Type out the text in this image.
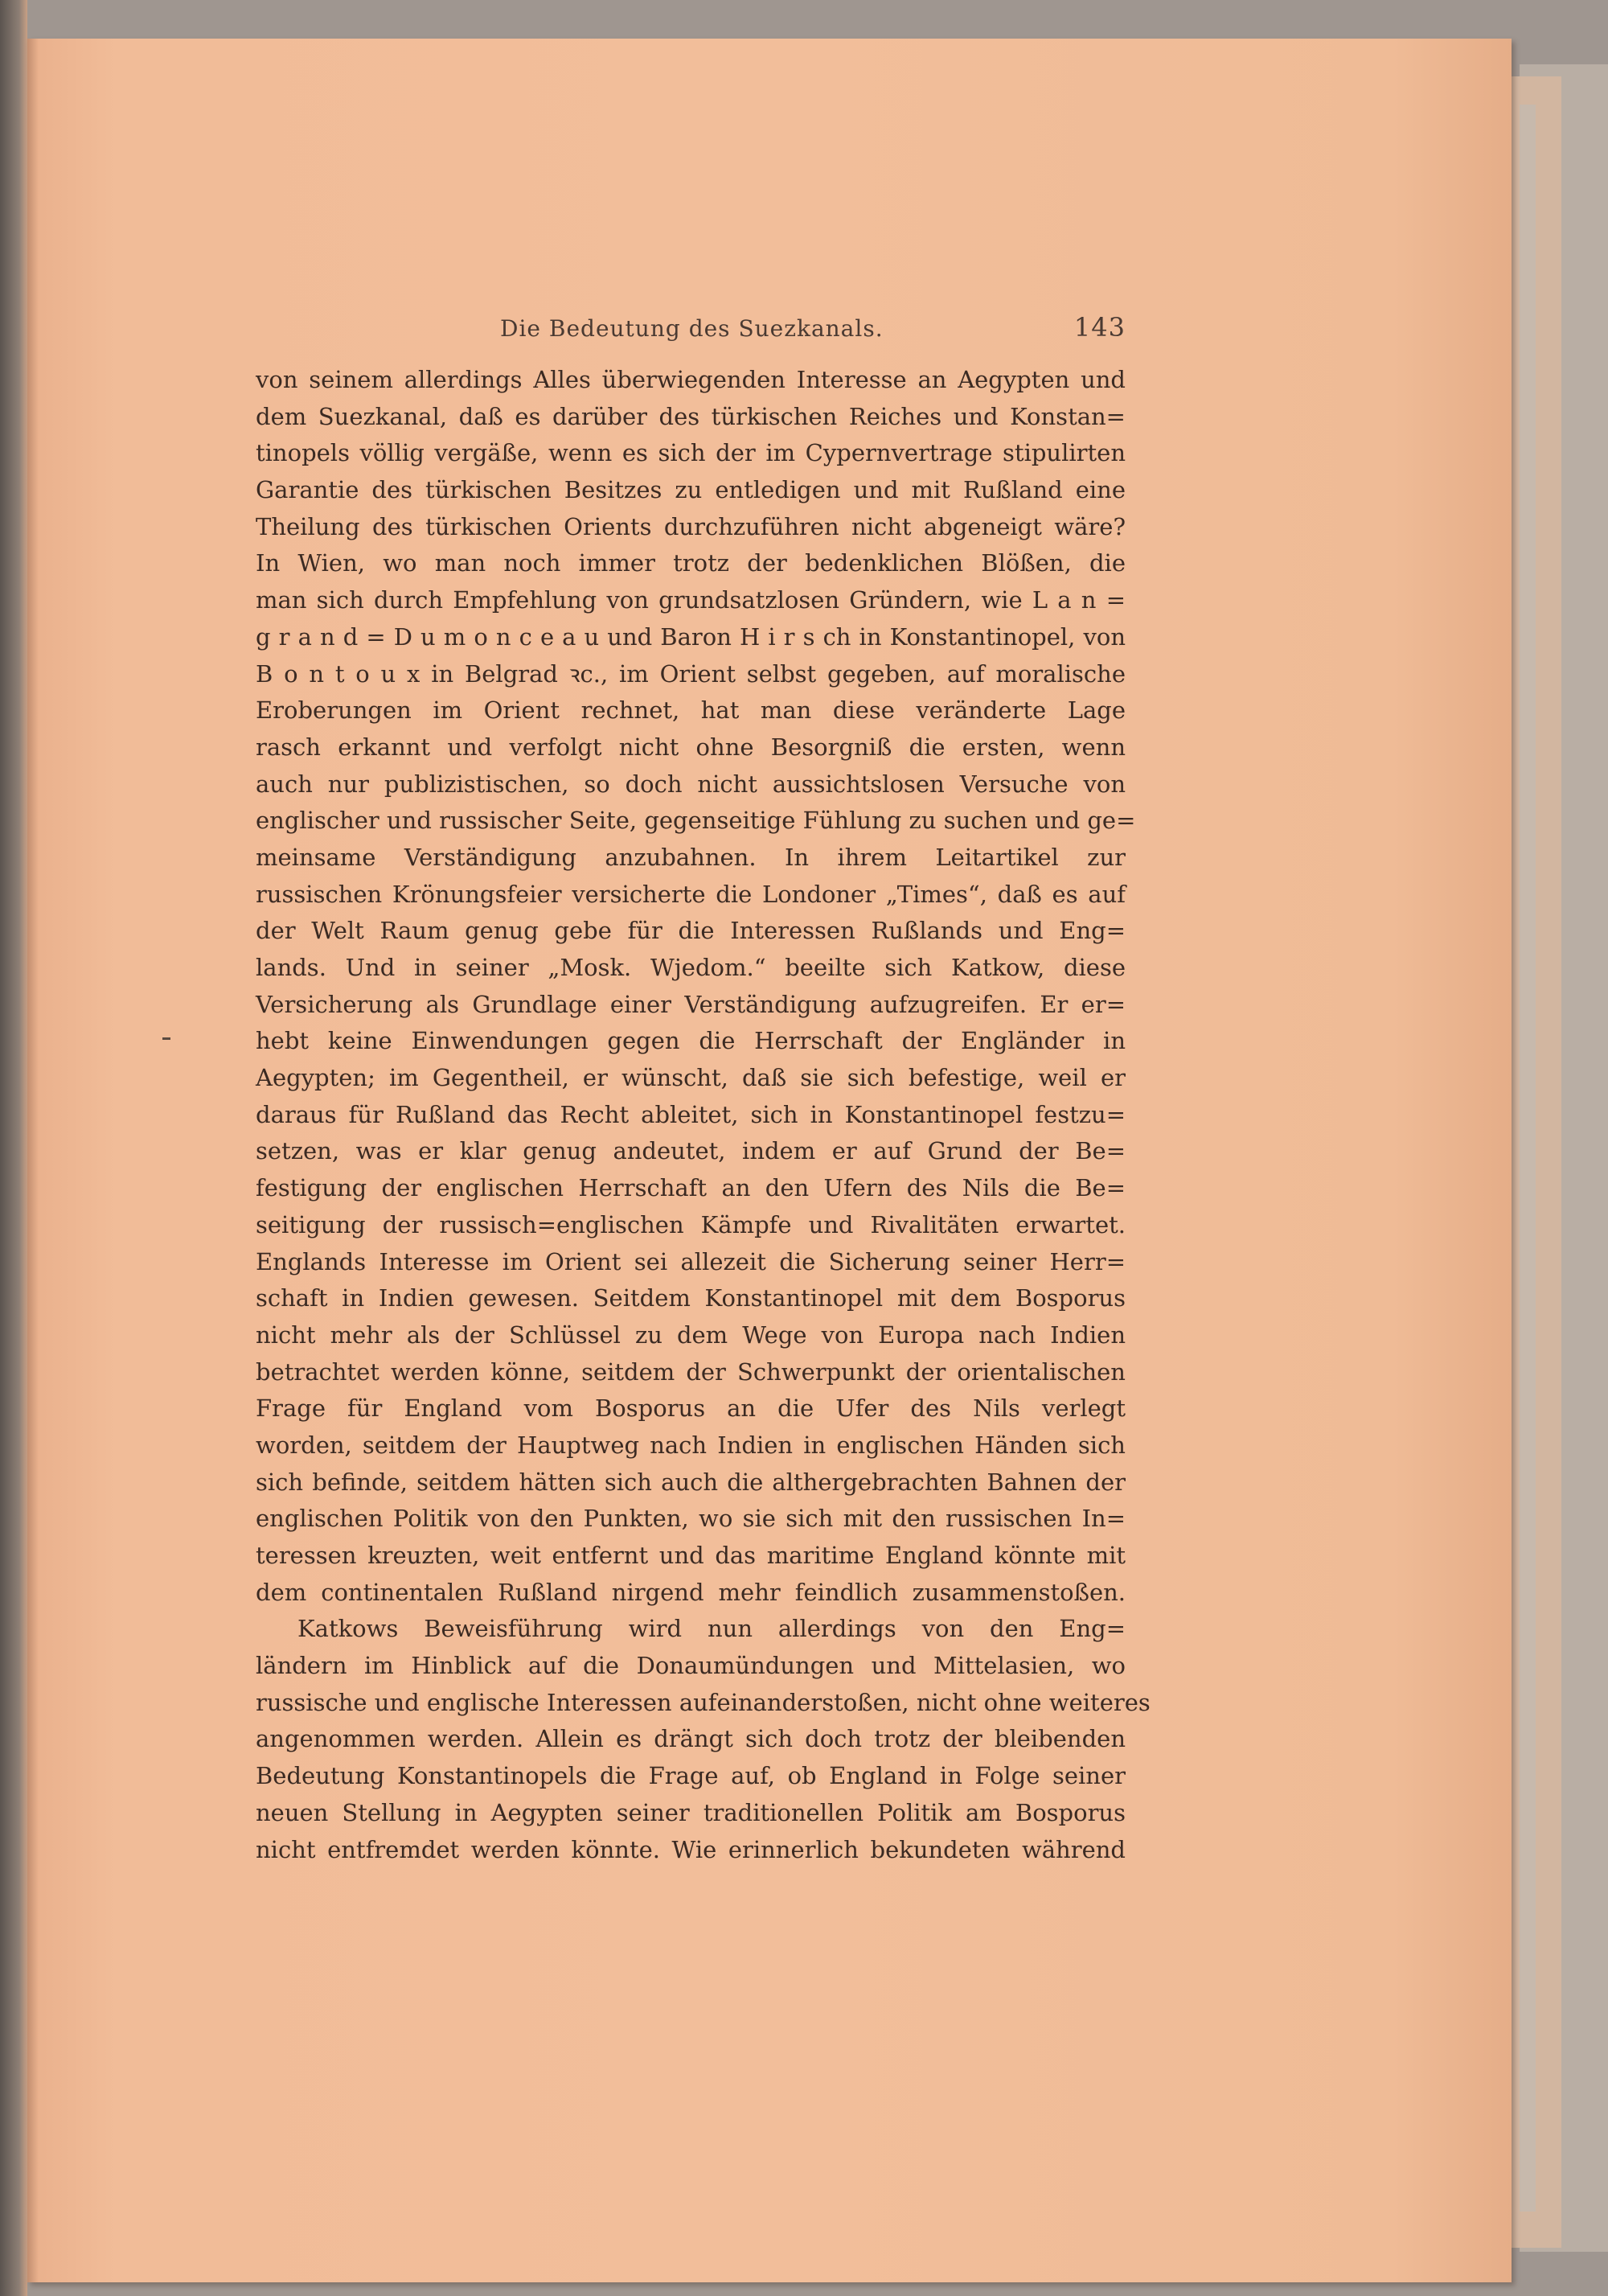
Die Bedeutung des Suezkanals.	143
von seinem allerdings Alles überwiegenden Interesse an Aegypten und
dem Suezkanal, daß es darüber des türkischen Reiches und Konstan=
tinopels völlig vergäße, wenn es sich der im Cypernvertrage stipulirten
Garantie des türkischen Besitzes zu entledigen und mit Rußland eine
Theilung des türkischen Orients durchzuführen nicht abgeneigt wäre?
In Wien, wo man noch immer trotz der bedenklichen Blößen, die
man sich durch Empfehlung von grundsatzlosen Gründern, wie L a n =
g r a n d = D u m o n c e a u und Baron H i r s ch in Konstantinopel, von
B o n t o u x in Belgrad ꝛc., im Orient selbst gegeben, auf moralische
Eroberungen im Orient rechnet, hat man diese veränderte Lage
rasch erkannt und verfolgt nicht ohne Besorgniß die ersten, wenn
auch nur publizistischen, so doch nicht aussichtslosen Versuche von
englischer und russischer Seite, gegenseitige Fühlung zu suchen und ge=
meinsame Verständigung anzubahnen. In ihrem Leitartikel zur
russischen Krönungsfeier versicherte die Londoner „Times“, daß es auf
der Welt Raum genug gebe für die Interessen Rußlands und Eng=
lands. Und in seiner „Mosk. Wjedom.“ beeilte sich Katkow, diese
Versicherung als Grundlage einer Verständigung aufzugreifen. Er er=
hebt keine Einwendungen gegen die Herrschaft der Engländer in
Aegypten; im Gegentheil, er wünscht, daß sie sich befestige, weil er
daraus für Rußland das Recht ableitet, sich in Konstantinopel festzu=
setzen, was er klar genug andeutet, indem er auf Grund der Be=
festigung der englischen Herrschaft an den Ufern des Nils die Be=
seitigung der russisch=englischen Kämpfe und Rivalitäten erwartet.
Englands Interesse im Orient sei allezeit die Sicherung seiner Herr=
schaft in Indien gewesen. Seitdem Konstantinopel mit dem Bosporus
nicht mehr als der Schlüssel zu dem Wege von Europa nach Indien
betrachtet werden könne, seitdem der Schwerpunkt der orientalischen
Frage für England vom Bosporus an die Ufer des Nils verlegt
worden, seitdem der Hauptweg nach Indien in englischen Händen sich
sich befinde, seitdem hätten sich auch die althergebrachten Bahnen der
englischen Politik von den Punkten, wo sie sich mit den russischen In=
teressen kreuzten, weit entfernt und das maritime England könnte mit
dem continentalen Rußland nirgend mehr feindlich zusammenstoßen.
Katkows Beweisführung wird nun allerdings von den Eng=
ländern im Hinblick auf die Donaumündungen und Mittelasien, wo
russische und englische Interessen aufeinanderstoßen, nicht ohne weiteres
angenommen werden. Allein es drängt sich doch trotz der bleibenden
Bedeutung Konstantinopels die Frage auf, ob England in Folge seiner
neuen Stellung in Aegypten seiner traditionellen Politik am Bosporus
nicht entfremdet werden könnte. Wie erinnerlich bekundeten während
